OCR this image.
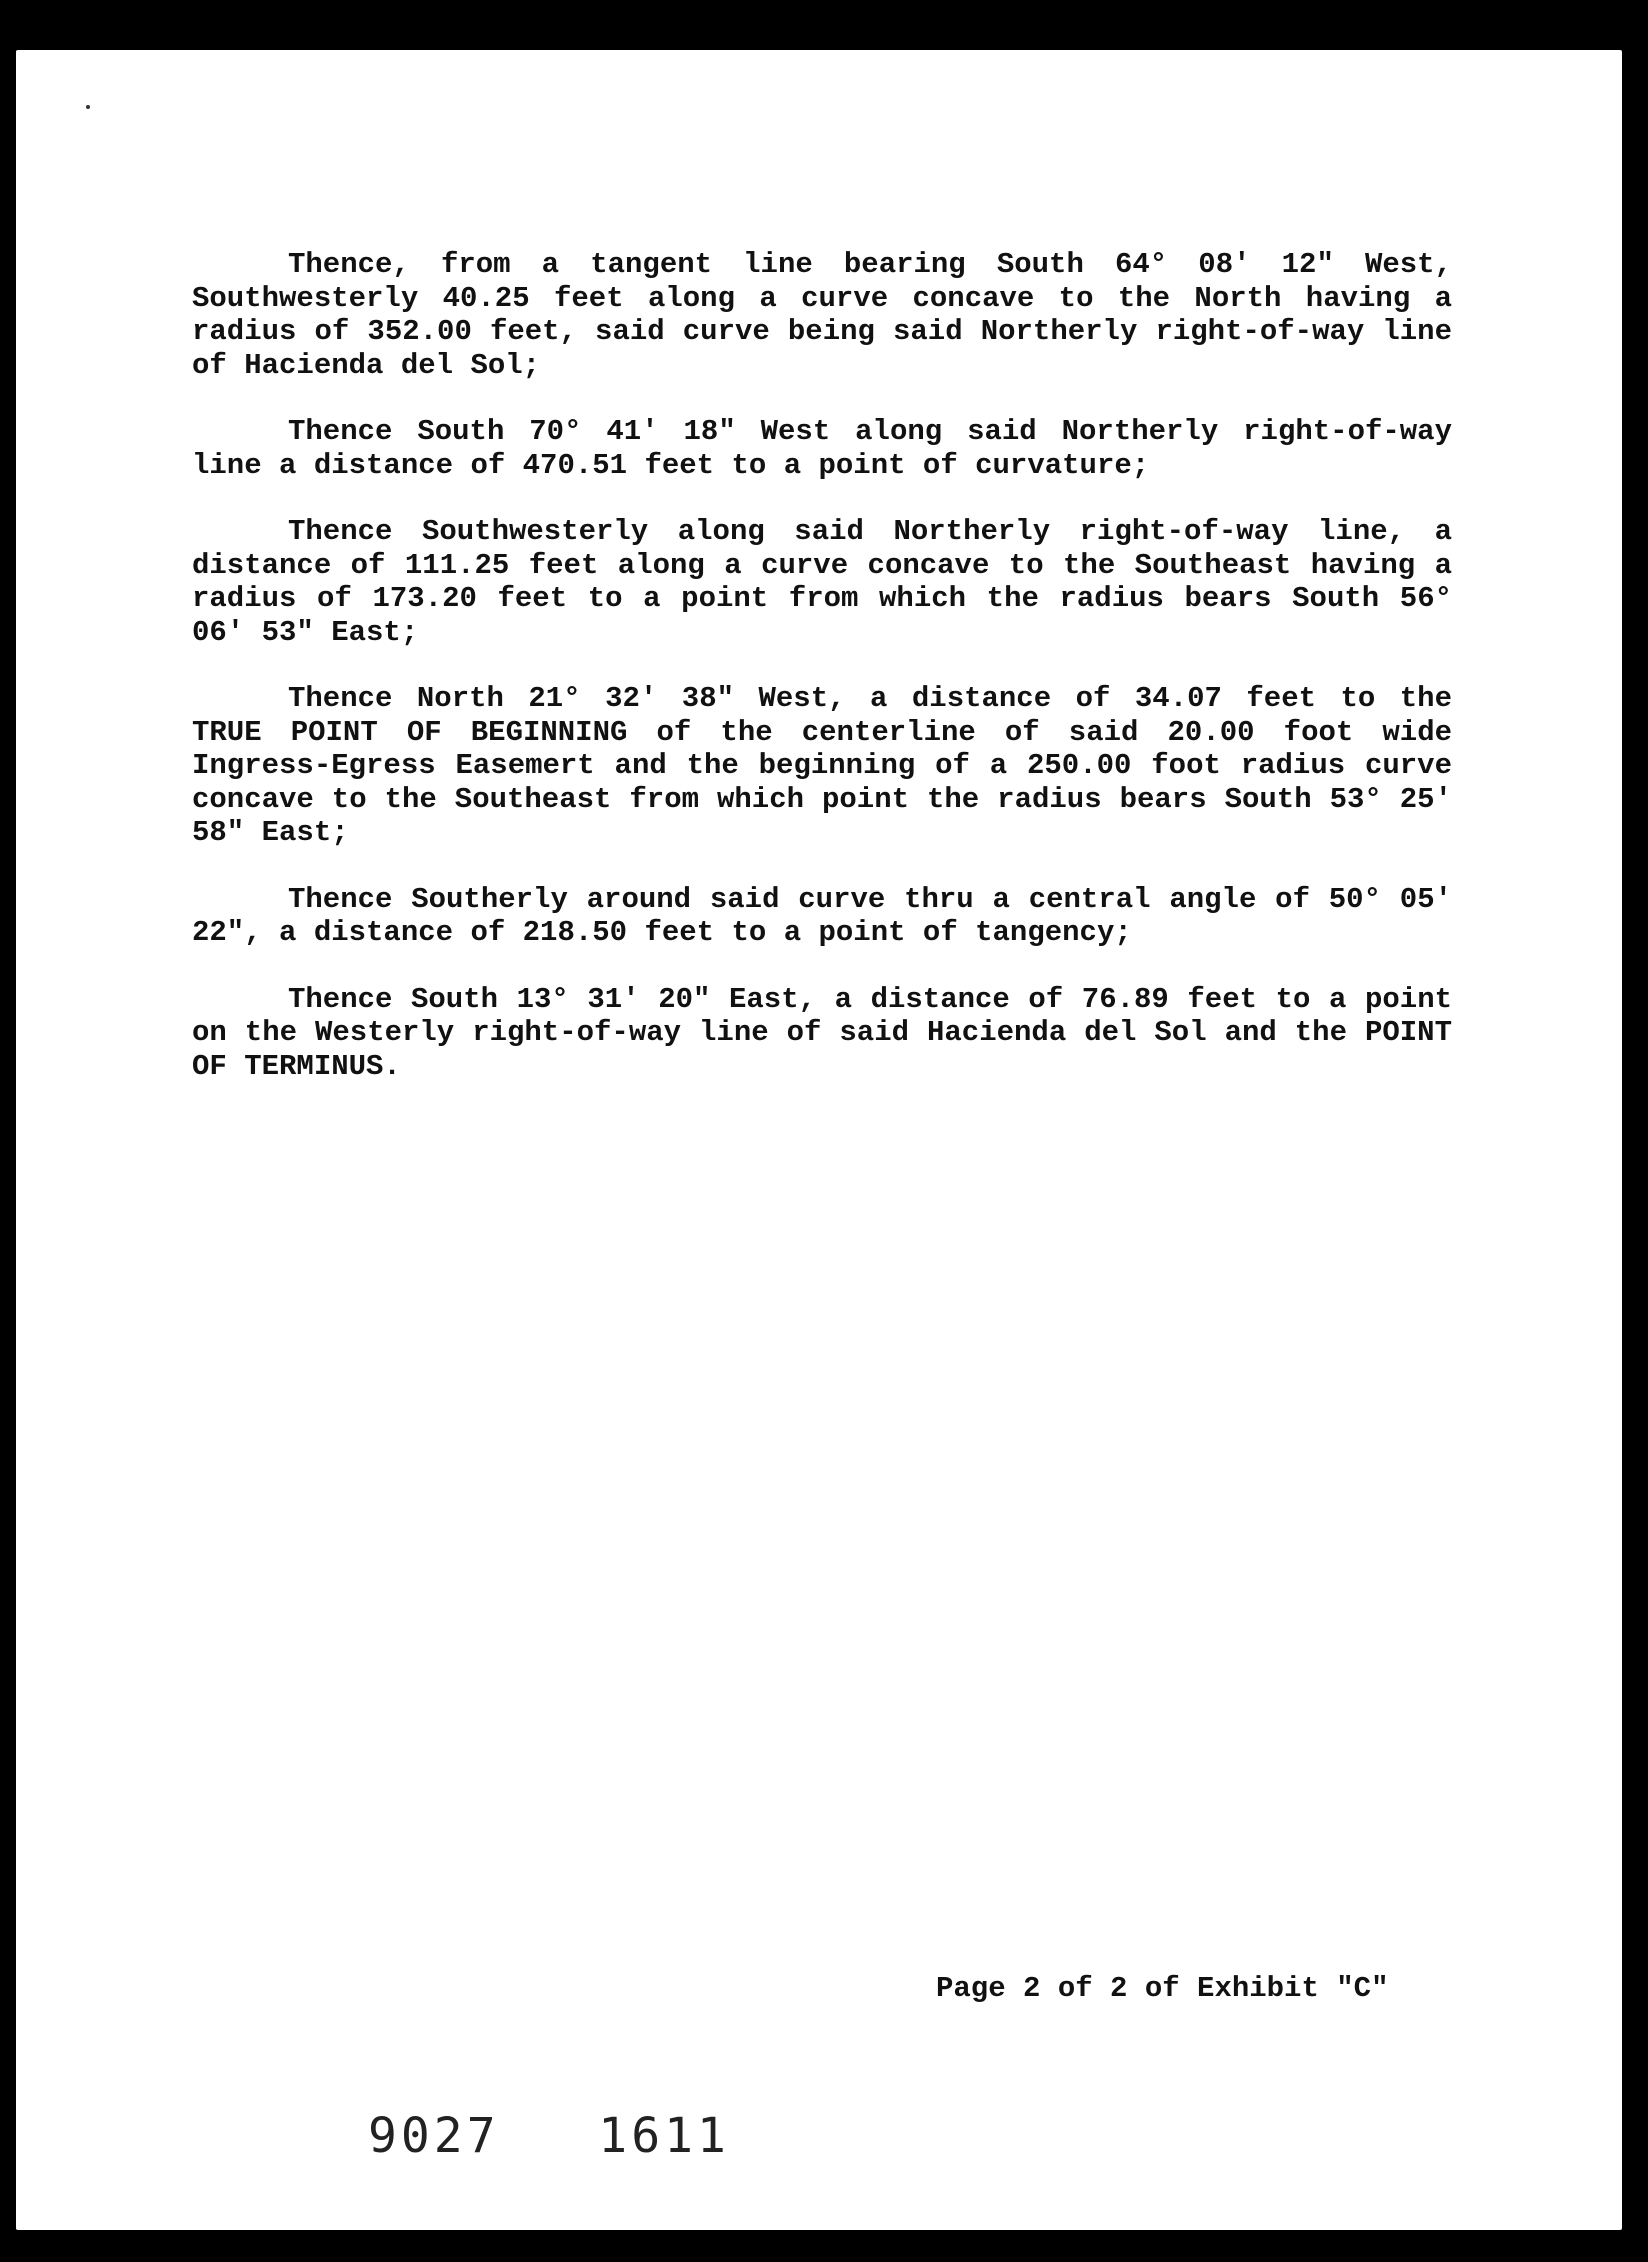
Thence, from a tangent line bearing South 64° 08' 12" West, Southwesterly 40.25 feet along a curve concave to the North having a radius of 352.00 feet, said curve being said Northerly right-of-way line of Hacienda del Sol;

Thence South 70° 41' 18" West along said Northerly right-of-way line a distance of 470.51 feet to a point of curvature;

Thence Southwesterly along said Northerly right-of-way line, a distance of 111.25 feet along a curve concave to the Southeast having a radius of 173.20 feet to a point from which the radius bears South 56° 06' 53" East;

Thence North 21° 32' 38" West, a distance of 34.07 feet to the TRUE POINT OF BEGINNING of the centerline of said 20.00 foot wide Ingress-Egress Easemert and the beginning of a 250.00 foot radius curve concave to the Southeast from which point the radius bears South 53° 25' 58" East;

Thence Southerly around said curve thru a central angle of 50° 05' 22", a distance of 218.50 feet to a point of tangency;

Thence South 13° 31' 20" East, a distance of 76.89 feet to a point on the Westerly right-of-way line of said Hacienda del Sol and the POINT OF TERMINUS.

Page 2 of 2 of Exhibit "C"
9027   1611
